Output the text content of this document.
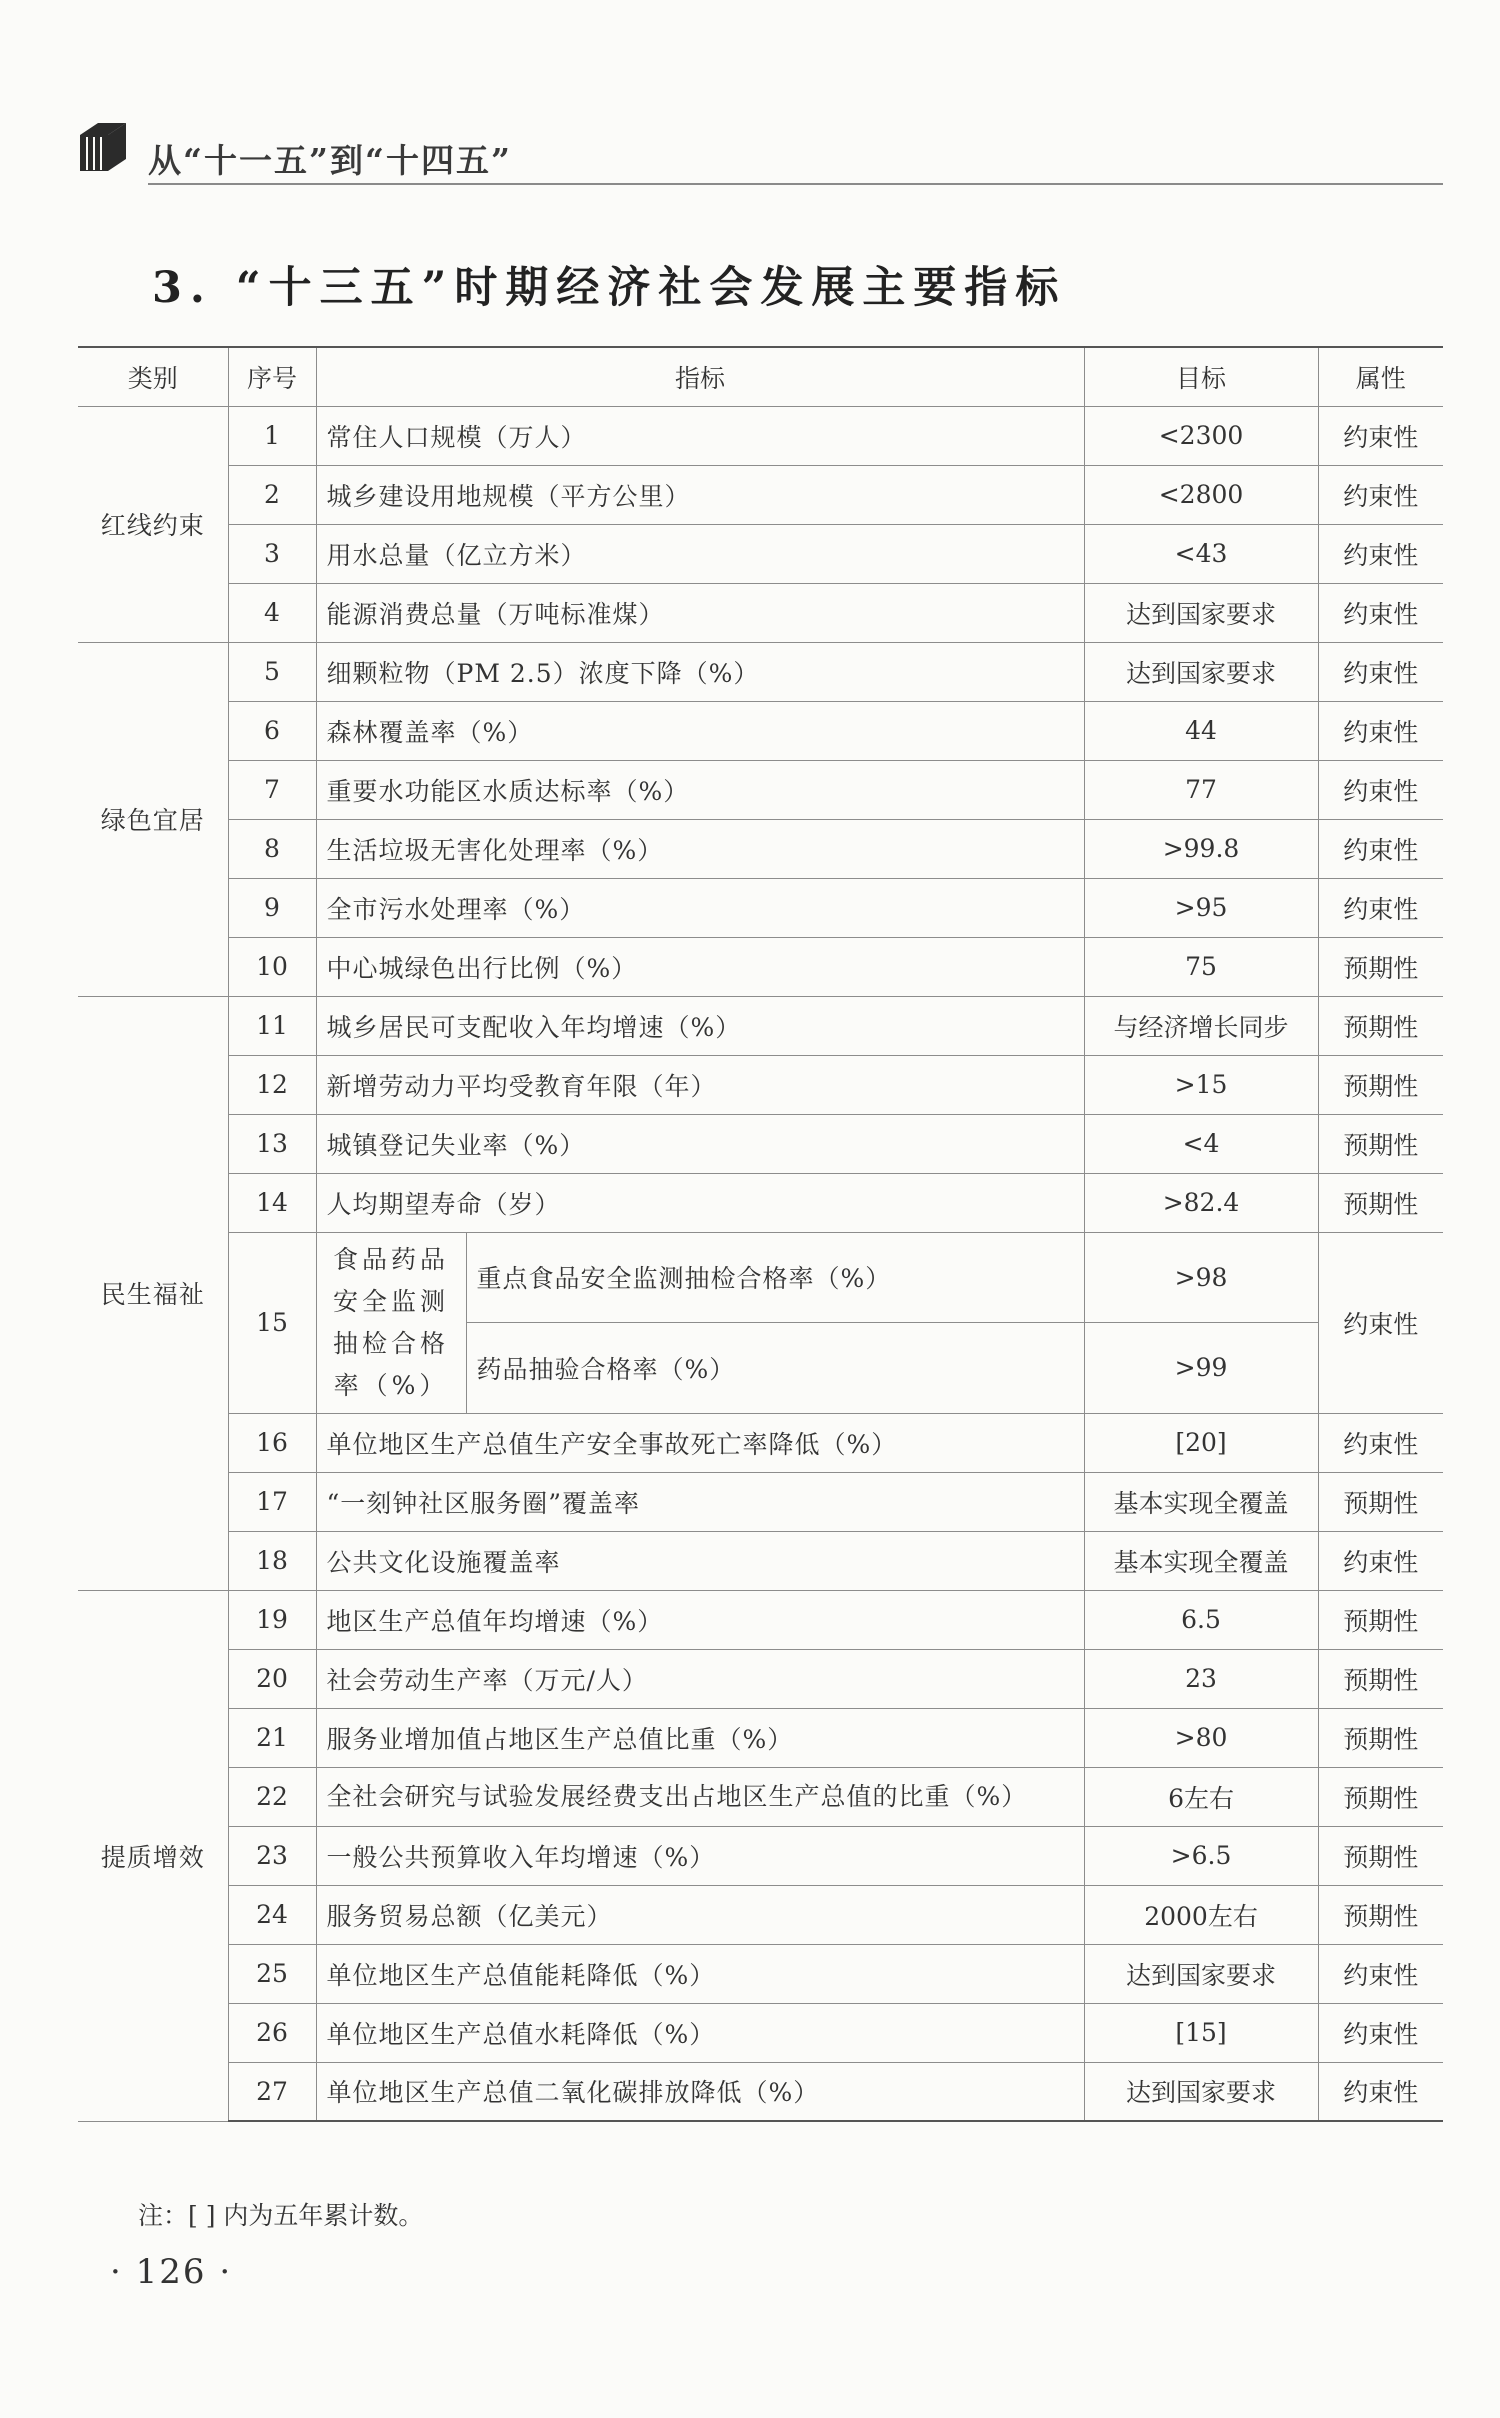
从“十一五”到“十四五”
3. “十三五”时期经济社会发展主要指标
类别	序号	指标		目标	属性
红线约束	1	常住人口规模（万人）		<2300	约束性
	2	城乡建设用地规模（平方公里）		<2800	约束性
	3	用水总量（亿立方米）		<43	约束性
	4	能源消费总量（万吨标准煤）		达到国家要求	约束性
绿色宜居	5	细颗粒物（PM 2.5）浓度下降（%）		达到国家要求	约束性
	6	森林覆盖率（%）		44	约束性
	7	重要水功能区水质达标率（%）		77	约束性
	8	生活垃圾无害化处理率（%）		>99.8	约束性
	9	全市污水处理率（%）		>95	约束性
	10	中心城绿色出行比例（%）		75	预期性
民生福祉	11	城乡居民可支配收入年均增速（%）		与经济增长同步	预期性
	12	新增劳动力平均受教育年限（年）		>15	预期性
	13	城镇登记失业率（%）		<4	预期性
	14	人均期望寿命（岁）		>82.4	预期性
	15	食品药品安全监测抽检合格率（%）	重点食品安全监测抽检合格率（%）	>98	约束性
			药品抽验合格率（%）	>99	
	16	单位地区生产总值生产安全事故死亡率降低（%）		[20]	约束性
	17	“一刻钟社区服务圈”覆盖率		基本实现全覆盖	预期性
	18	公共文化设施覆盖率		基本实现全覆盖	约束性
提质增效	19	地区生产总值年均增速（%）		6.5	预期性
	20	社会劳动生产率（万元/人）		23	预期性
	21	服务业增加值占地区生产总值比重（%）		>80	预期性
	22	全社会研究与试验发展经费支出占地区生产总值的比重（%）		6左右	预期性
	23	一般公共预算收入年均增速（%）		>6.5	预期性
	24	服务贸易总额（亿美元）		2000左右	预期性
	25	单位地区生产总值能耗降低（%）		达到国家要求	约束性
	26	单位地区生产总值水耗降低（%）		[15]	约束性
	27	单位地区生产总值二氧化碳排放降低（%）		达到国家要求	约束性
注：[ ] 内为五年累计数。
· 126 ·
